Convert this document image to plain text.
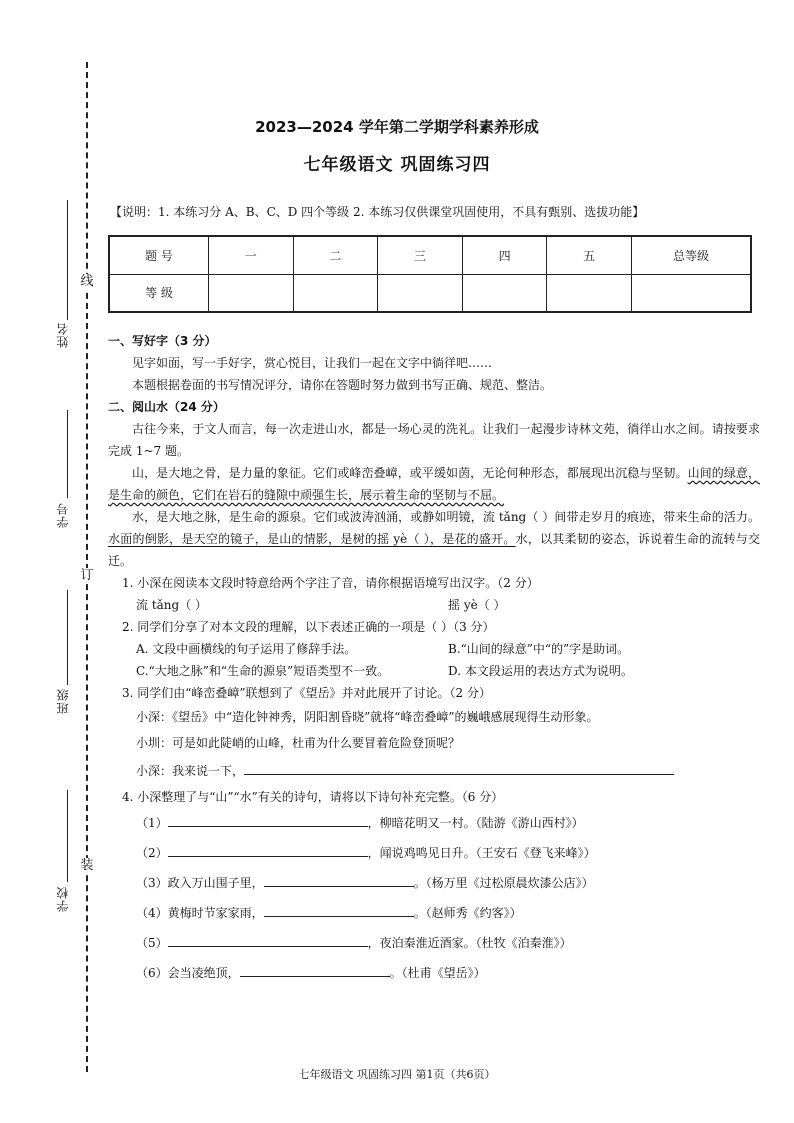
线
订
装
姓名
学号
班级
学校
2023—2024 学年第二学期学科素养形成
七年级语文 巩固练习四
【说明：1. 本练习分 A、B、C、D 四个等级 2. 本练习仅供课堂巩固使用，不具有甄别、选拔功能】
题 号	一	二	三	四	五	总等级
等 级						

一、写好字（3 分）

见字如面，写一手好字，赏心悦目，让我们一起在文字中徜徉吧……

本题根据卷面的书写情况评分，请你在答题时努力做到书写正确、规范、整洁。

二、阅山水（24 分）

古往今来，于文人而言，每一次走进山水，都是一场心灵的洗礼。让我们一起漫步诗林文苑，徜徉山水之间。请按要求完成 1~7 题。

山，是大地之骨，是力量的象征。它们或峰峦叠嶂，或平缓如茵，无论何种形态，都展现出沉稳与坚韧。山间的绿意，是生命的颜色，它们在岩石的缝隙中顽强生长，展示着生命的坚韧与不屈。

水，是大地之脉，是生命的源泉。它们或波涛汹涌，或静如明镜，流 tǎng（ ）间带走岁月的痕迹，带来生命的活力。水面的倒影，是天空的镜子，是山的情影，是树的摇 yè（ ），是花的盛开。水，以其柔韧的姿态，诉说着生命的流转与交迁。

1. 小深在阅读本文段时特意给两个字注了音，请你根据语境写出汉字。（2 分）

流 tǎng（ ）	摇 yè（ ）

2. 同学们分享了对本文段的理解，以下表述正确的一项是（ ）（3 分）

A. 文段中画横线的句子运用了修辞手法。	B.“山间的绿意”中“的”字是助词。

C.“大地之脉”和“生命的源泉”短语类型不一致。	D. 本文段运用的表达方式为说明。

3. 同学们由“峰峦叠嶂”联想到了《望岳》并对此展开了讨论。（2 分）

小深：《望岳》中“造化钟神秀，阴阳割昏晓”就将“峰峦叠嶂”的巍峨感展现得生动形象。

小圳：可是如此陡峭的山峰，杜甫为什么要冒着危险登顶呢？

小深：我来说一下，

4. 小深整理了与“山”“水”有关的诗句，请将以下诗句补充完整。（6 分）

（1）	，柳暗花明又一村。（陆游《游山西村》）

（2）	，闻说鸡鸣见日升。（王安石《登飞来峰》）

（3）政入万山围子里，	。（杨万里《过松原晨炊漆公店》）

（4）黄梅时节家家雨，	。（赵师秀《约客》）

（5）	，夜泊秦淮近酒家。（杜牧《泊秦淮》）

（6）会当凌绝顶，	。（杜甫《望岳》）

七年级语文 巩固练习四 第1页（共6页）
